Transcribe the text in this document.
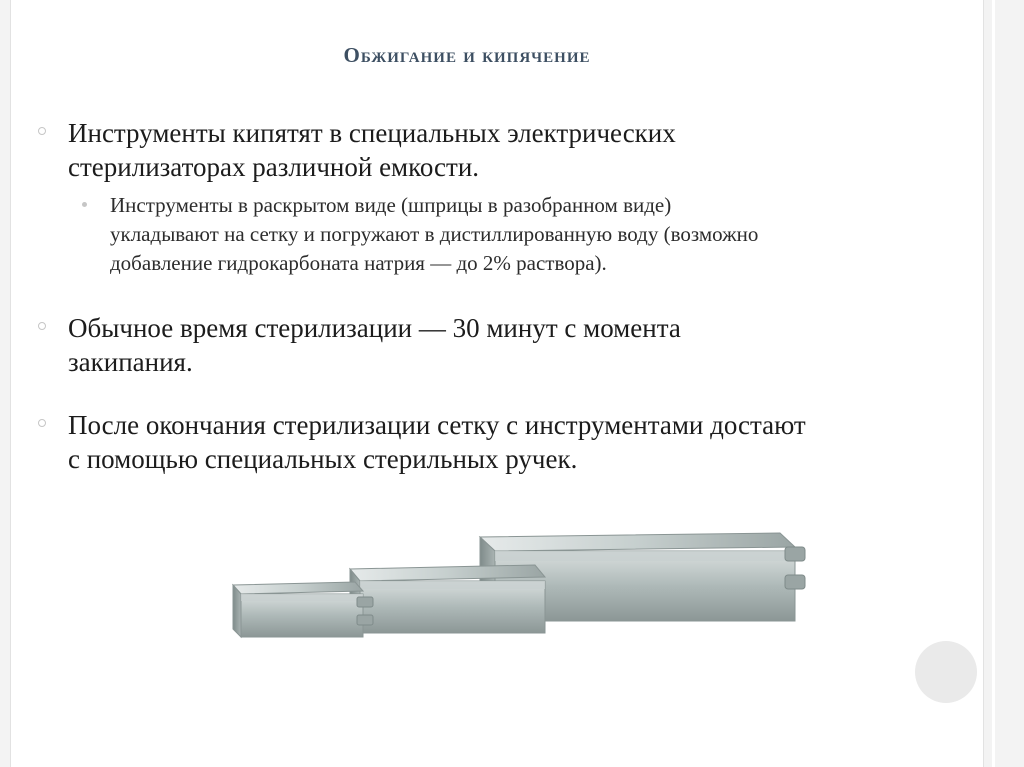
Обжигание и кипячение
Инструменты кипятят в специальных электрических
стерилизаторах различной емкости.
Инструменты в раскрытом виде (шприцы в разобранном виде)
укладывают на сетку и погружают в дистиллированную воду (возможно
добавление гидрокарбоната натрия — до 2% раствора).
Обычное время стерилизации — 30 минут с момента
закипания.
После окончания стерилизации сетку с инструментами достают
с помощью специальных стерильных ручек.
